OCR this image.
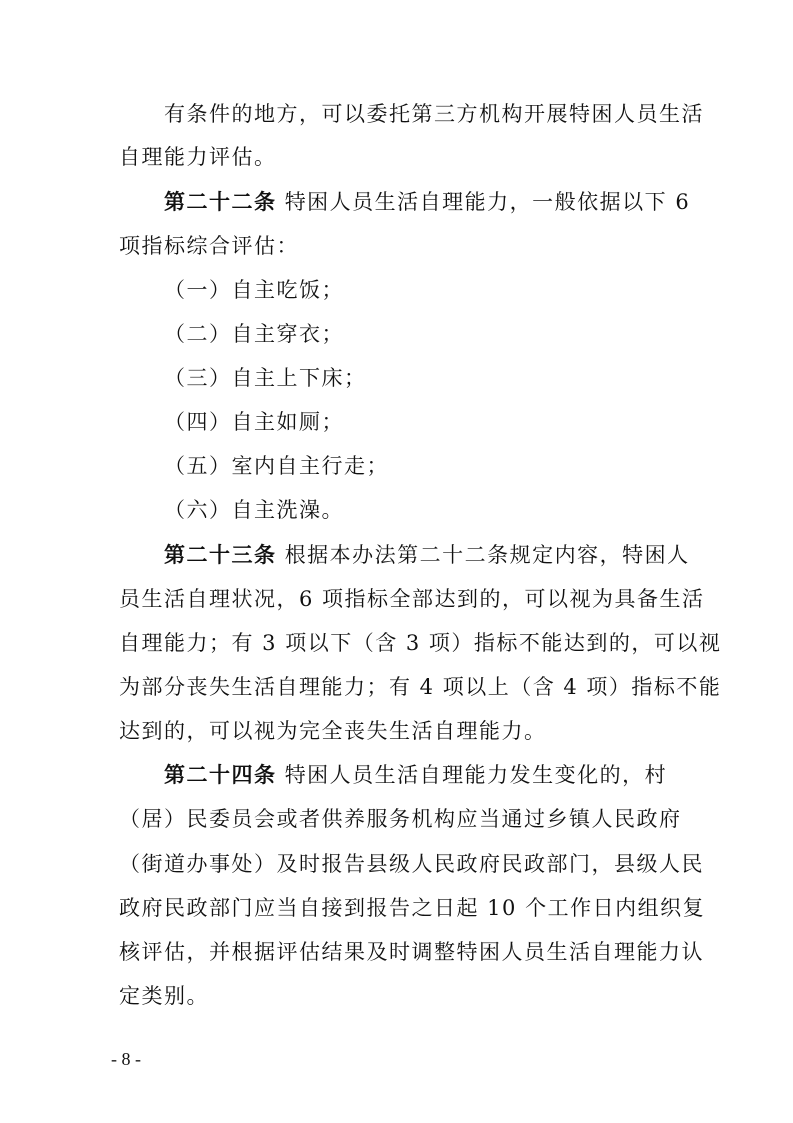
有条件的地方，可以委托第三方机构开展特困人员生活
自理能力评估。
第二十二条 特困人员生活自理能力，一般依据以下 6
项指标综合评估：
（一）自主吃饭；
（二）自主穿衣；
（三）自主上下床；
（四）自主如厕；
（五）室内自主行走；
（六）自主洗澡。
第二十三条 根据本办法第二十二条规定内容，特困人
员生活自理状况，6 项指标全部达到的，可以视为具备生活
自理能力；有 3 项以下（含 3 项）指标不能达到的，可以视
为部分丧失生活自理能力；有 4 项以上（含 4 项）指标不能
达到的，可以视为完全丧失生活自理能力。
第二十四条 特困人员生活自理能力发生变化的，村
（居）民委员会或者供养服务机构应当通过乡镇人民政府
（街道办事处）及时报告县级人民政府民政部门，县级人民
政府民政部门应当自接到报告之日起 10 个工作日内组织复
核评估，并根据评估结果及时调整特困人员生活自理能力认
定类别。
- 8 -
